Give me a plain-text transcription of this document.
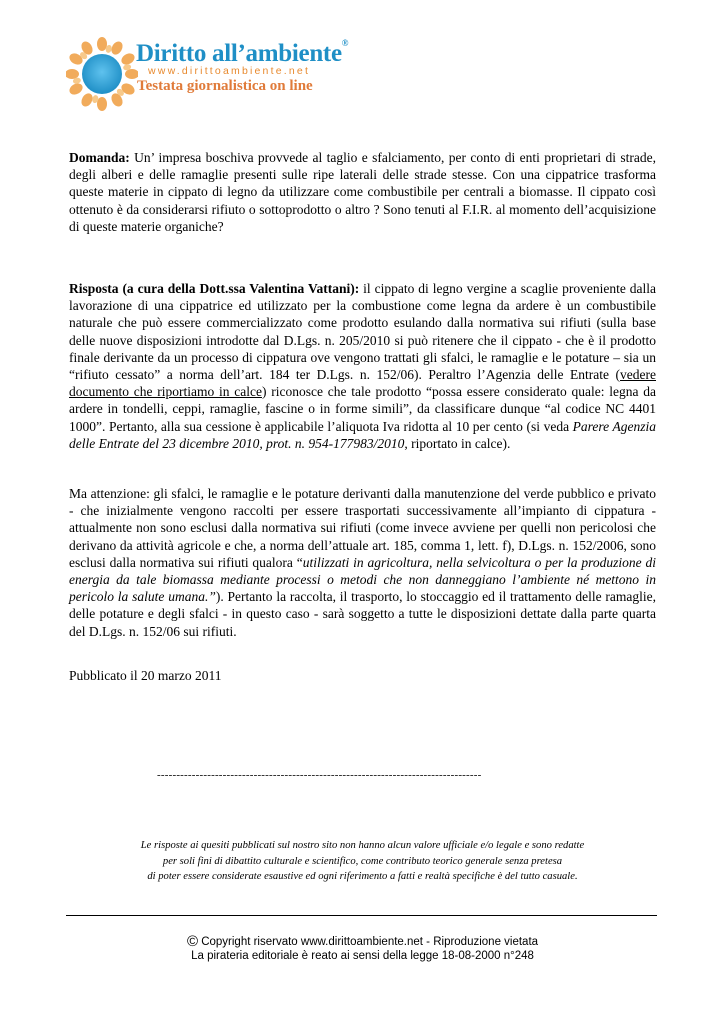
Diritto all’ambiente®
www.dirittoambiente.net
Testata giornalistica on line
Domanda: Un’ impresa boschiva provvede al taglio e sfalciamento, per conto di enti proprietari di strade, degli alberi e delle ramaglie presenti sulle ripe laterali delle strade stesse. Con una cippatrice trasforma queste materie in cippato di legno da utilizzare come combustibile per centrali a biomasse. Il cippato così ottenuto è da considerarsi rifiuto o sottoprodotto o altro ? Sono tenuti al F.I.R. al momento dell’acquisizione di queste materie organiche?
Risposta (a cura della Dott.ssa Valentina Vattani): il cippato di legno vergine a scaglie proveniente dalla lavorazione di una cippatrice ed utilizzato per la combustione come legna da ardere è un combustibile naturale che può essere commercializzato come prodotto esulando dalla normativa sui rifiuti (sulla base delle nuove disposizioni introdotte dal D.Lgs. n. 205/2010 si può ritenere che il cippato - che è il prodotto finale derivante da un processo di cippatura ove vengono trattati gli sfalci, le ramaglie e le potature – sia un “rifiuto cessato” a norma dell’art. 184 ter D.Lgs. n. 152/06). Peraltro l’Agenzia delle Entrate (vedere documento che riportiamo in calce) riconosce che tale prodotto “possa essere considerato quale: legna da ardere in tondelli, ceppi, ramaglie, fascine o in forme simili”, da classificare dunque “al codice NC 4401 1000”. Pertanto, alla sua cessione è applicabile l’aliquota Iva ridotta al 10 per cento (si veda Parere Agenzia delle Entrate del 23 dicembre 2010, prot. n. 954-177983/2010, riportato in calce).
Ma attenzione: gli sfalci, le ramaglie e le potature derivanti dalla manutenzione del verde pubblico e privato - che inizialmente vengono raccolti per essere trasportati successivamente all’impianto di cippatura - attualmente non sono esclusi dalla normativa sui rifiuti (come invece avviene per quelli non pericolosi che derivano da attività agricole e che, a norma dell’attuale art. 185, comma 1, lett. f), D.Lgs. n. 152/2006, sono esclusi dalla normativa sui rifiuti qualora “utilizzati in agricoltura, nella selvicoltura o per la produzione di energia da tale biomassa mediante processi o metodi che non danneggiano l’ambiente né mettono in pericolo la salute umana.”). Pertanto la raccolta, il trasporto, lo stoccaggio ed il trattamento delle ramaglie, delle potature e degli sfalci - in questo caso - sarà soggetto a tutte le disposizioni dettate dalla parte quarta del D.Lgs. n. 152/06 sui rifiuti.
Pubblicato il 20 marzo 2011
------------------------------------------------------------------------------------
Le risposte ai quesiti pubblicati sul nostro sito non hanno alcun valore ufficiale e/o legale e sono redatte
per soli fini di dibattito culturale e scientifico, come contributo teorico generale senza pretesa
di poter essere considerate esaustive ed ogni riferimento a fatti e realtà specifiche è del tutto casuale.
© Copyright riservato www.dirittoambiente.net - Riproduzione vietata
La pirateria editoriale è reato ai sensi della legge 18-08-2000 n°248
